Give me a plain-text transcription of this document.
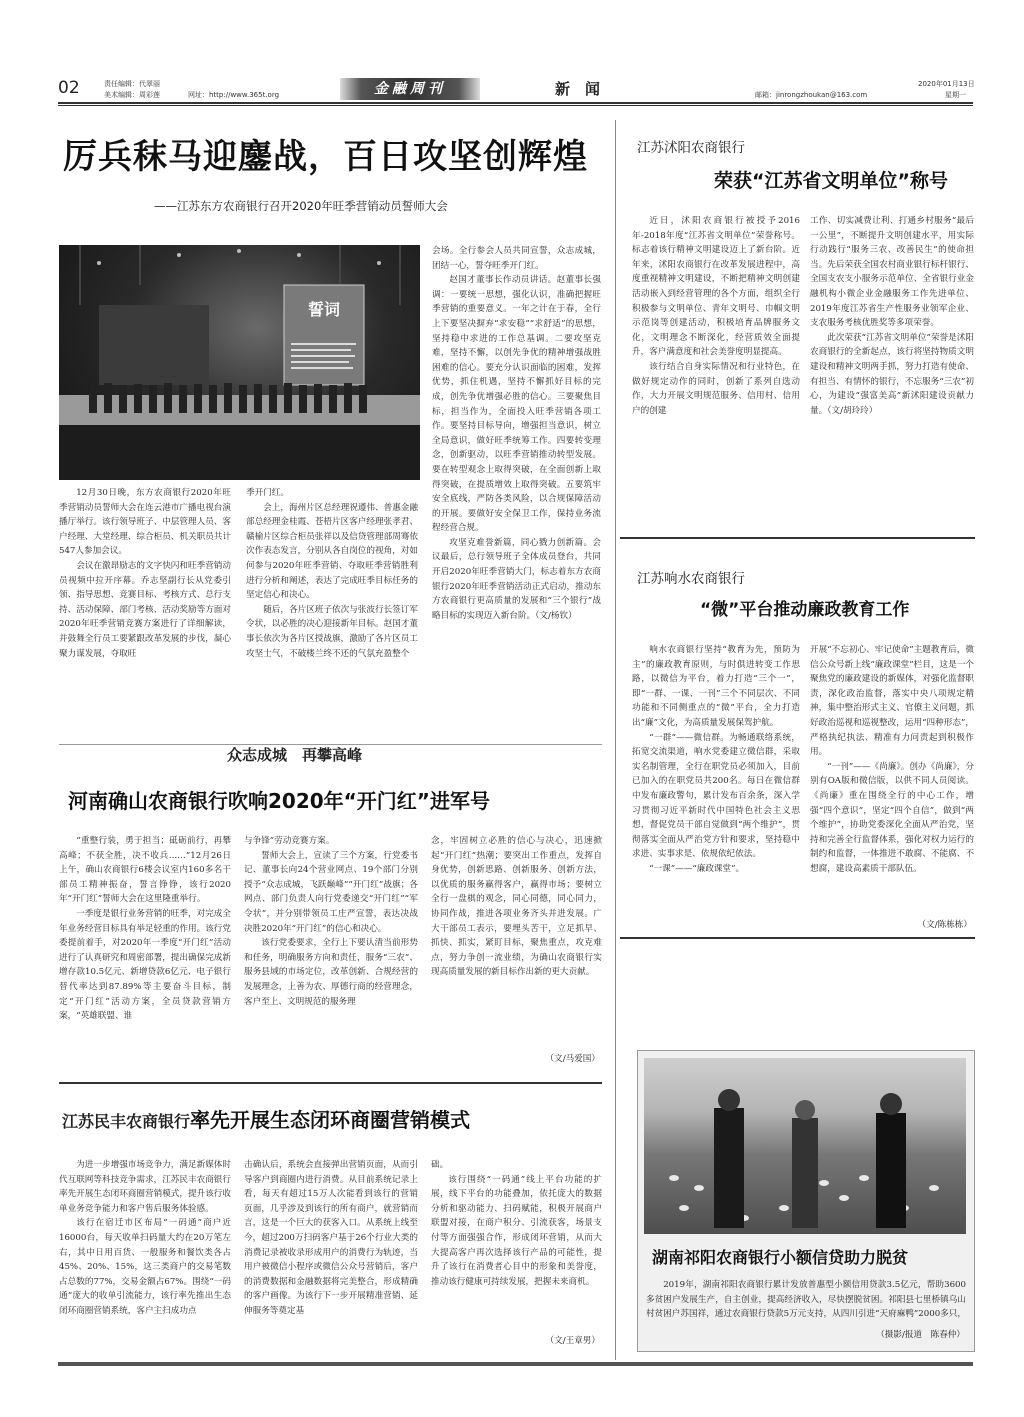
02	责任编辑：代翠丽
美术编辑：周彩莲	网址：http://www.365t.org	金融周刊	新　闻	邮箱：jinrongzhoukan@163.com
2020年01月13日
星期一
厉兵秣马迎鏖战，百日攻坚创辉煌
——江苏东方农商银行召开2020年旺季营销动员誓师大会
誓词

12月30日晚，东方农商银行2020年旺季营销动员誓师大会在连云港市广播电视台演播厅举行。该行领导班子、中层管理人员、客户经理、大堂经理、综合柜员、机关职员共计547人参加会议。

会议在激昂励志的文字快闪和旺季营销动员视频中拉开序幕。乔志坚副行长从党委引领、指导思想、竞赛目标、考核方式、总行支持、活动保障、部门考核、活动奖励等方面对2020年旺季营销竞赛方案进行了详细解读，并鼓舞全行员工要紧跟改革发展的步伐，凝心聚力谋发展，夺取旺

季开门红。

会上，海州片区总经理祝遵伟、普惠金融部总经理金桂霞、苍梧片区客户经理张孝君、赣榆片区综合柜员张祥以及信贷管理部周骞依次作表态发言，分别从各自岗位的视角，对如何参与2020年旺季营销、夺取旺季营销胜利进行分析和阐述，表达了完成旺季目标任务的坚定信心和决心。

随后，各片区班子依次与张波行长签订军令状，以必胜的决心迎接新年目标。赵国才董事长依次为各片区授战旗，激励了各片区员工攻坚士气，不破楼兰终不还的气氛充盈整个

会场。全行参会人员共同宣誓，众志成城，团结一心，誓夺旺季开门红。

赵国才董事长作动员讲话。赵董事长强调：一要统一思想，强化认识，准确把握旺季营销的重要意义。一年之计在于春，全行上下要坚决摒弃“求安稳”“求舒适”的思想，坚持稳中求进的工作总基调。二要攻坚克难，坚持不懈，以创先争优的精神增强战胜困难的信心。要充分认识面临的困难，发挥优势，抓住机遇，坚持不懈抓好目标的完成，创先争优增强必胜的信心。三要聚焦目标，担当作为，全面投入旺季营销各项工作。要坚持目标导向，增强担当意识，树立全局意识，做好旺季统筹工作。四要转变理念，创新驱动，以旺季营销推动转型发展。要在转型观念上取得突破，在全面创新上取得突破，在提质增效上取得突破。五要筑牢安全底线，严防各类风险，以合规保障活动的开展。要做好安全保卫工作，保持业务流程经营合规。

攻坚克难誉新篇，同心戮力创新篇。会议最后，总行领导班子全体成员登台，共同开启2020年旺季营销大门，标志着东方农商银行2020年旺季营销活动正式启动，推动东方农商银行更高质量的发展和“三个银行”战略目标的实现迈入新台阶。（文/杨钦）

江苏沭阳农商银行
荣获“江苏省文明单位”称号

近日，沭阳农商银行被授予2016年-2018年度“江苏省文明单位”荣誉称号。标志着该行精神文明建设迈上了新台阶。近年来，沭阳农商银行在改革发展进程中，高度重视精神文明建设，不断把精神文明创建活动嵌入到经营管理的各个方面，组织全行积极参与文明单位、青年文明号、巾帼文明示范岗等创建活动，积极培育品牌服务文化，文明理念不断深化，经营质效全面提升，客户满意度和社会美誉度明显提高。

该行结合自身实际情况和行业特色，在做好规定动作的同时，创新了系列自选动作，大力开展文明规范服务、信用村、信用户的创建

工作、切实减费让利、打通乡村服务“最后一公里”，不断提升文明创建水平，用实际行动践行“服务三农、改善民生”的使命担当。先后荣获全国农村商业银行标杆银行、全国支农支小服务示范单位、全省银行业金融机构小微企业金融服务工作先进单位、2019年度江苏省生产性服务业领军企业、支农服务考核优胜奖等多项荣誉。

此次荣获“江苏省文明单位”荣誉是沭阳农商银行的全新起点，该行将坚持物质文明建设和精神文明两手抓，努力打造有使命、有担当、有情怀的银行，不忘服务“三农”初心，为建设“强富美高”新沭阳建设贡献力量。（文/胡玲玲）

江苏响水农商银行
“微”平台推动廉政教育工作

响水农商银行坚持“教育为先，预防为主”的廉政教育原则，与时俱进转变工作思路，以微信为平台，着力打造“三个一”，即“一群、一课、一刊”三个不同层次、不同功能和不同侧重点的“微”平台，全力打造出“廉”文化，为高质量发展保驾护航。

“一群”——微信群。为畅通联络系统，拓宽交流渠道，响水党委建立微信群，采取实名制管理，全行在职党员必须加入，目前已加入的在职党员共200名。每日在微信群中发布廉政警句，累计发布百余条，深入学习贯彻习近平新时代中国特色社会主义思想，督促党员干部自觉做到“两个维护”，贯彻落实全面从严治党方针和要求，坚持稳中求进、实事求是、依规依纪依法。

“一课”——“廉政课堂”。

开展“不忘初心、牢记使命”主题教育后，微信公众号新上线“廉政课堂”栏目，这是一个聚焦党的廉政建设的新媒体，对强化监督职责，深化政治监督，落实中央八项规定精神，集中整治形式主义、官僚主义问题，抓好政治巡视和巡视整改，运用“四种形态”，严格执纪执法、精准有力问责起到积极作用。

“一刊”——《尚廉》。创办《尚廉》，分别有OA版和微信版，以供不同人员阅读。《尚廉》重在围绕全行的中心工作，增强“四个意识”，坚定“四个自信”，做到“两个维护”，协助党委深化全面从严治党，坚持和完善全行监督体系，强化对权力运行的制约和监督，一体推进不敢腐、不能腐、不想腐，建设高素质干部队伍。

（文/陈栋栋）
湖南祁阳农商银行小额信贷助力脱贫

2019年，湖南祁阳农商银行累计发放普惠型小额信用贷款3.5亿元，帮助3600多贫困户发展生产，自主创业，提高经济收入，尽快摆脱贫困。祁阳县七里桥镇乌山村贫困户苏国祥，通过农商银行贷款5万元支持，从四川引进“天府麻鸭”2000多只，

（摄影/报道　陈春仲）
众志成城　再攀高峰
河南确山农商银行吹响2020年“开门红”进军号

“重整行装，勇于担当；砥砺前行，再攀高峰；不获全胜，决不收兵……”12月26日上午，确山农商银行6楼会议室内160多名干部员工精神振奋，誓言铮铮，该行2020年“开门红”誓师大会在这里隆重举行。

一季度是银行业务营销的旺季，对完成全年业务经营目标具有举足轻重的作用。该行党委提前着手，对2020年一季度“开门红”活动进行了认真研究和周密部署，提出确保完成新增存款10.5亿元、新增贷款6亿元、电子银行替代率达到87.89%等主要奋斗目标，制定“开门红”活动方案，全员贷款营销方案，“英雄联盟、谁

与争锋”劳动竞赛方案。

誓师大会上，宣读了三个方案，行党委书记、董事长向24个营业网点、19个部门分别授予“众志成城，飞跃巅峰”“开门红”战旗；各网点、部门负责人向行党委递交“开门红”“军令状”，并分别带领员工庄严宣誓，表达决战决胜2020年“开门红”的信心和决心。

该行党委要求，全行上下要认清当前形势和任务，明确服务方向和责任，服务“三农”、服务县域的市场定位，改革创新、合规经营的发展理念，上善为农、厚德行商的经营理念，客户至上、文明规范的服务理

念，牢固树立必胜的信心与决心，迅速掀起“开门红”热潮；要突出工作重点，发挥自身优势，创新思路、创新服务、创新方法，以优质的服务赢得客户，赢得市场；要树立全行一盘棋的观念，同心同德，同心同力，协同作战，推进各项业务齐头并进发展。广大干部员工表示，要埋头苦干，立足抓早、抓快、抓实，紧盯目标，聚焦重点，攻克难点，努力争创一流业绩，为确山农商银行实现高质量发展的新目标作出新的更大贡献。

（文/马爱国）
江苏民丰农商银行率先开展生态闭环商圈营销模式

为进一步增强市场竞争力，满足新媒体时代互联网等科技竞争需求，江苏民丰农商银行率先开展生态闭环商圈营销模式，提升该行收单业务竞争能力和客户售后服务体验感。

该行在宿迁市区布局“一码通”商户近16000台，每天收单扫码量大约在20万笔左右，其中日用百货、一般服务和餐饮类各占45%、20%、15%，这三类商户的交易笔数占总数的77%，交易金额占67%。围绕“一码通”庞大的收单引流能力，该行率先推出生态闭环商圈营销系统，客户主扫成功点

击确认后，系统会直接弹出营销页面，从而引导客户到商圈内进行消费。从目前系统记录上看，每天有超过15万人次能看到该行的营销页面，几乎涉及到该行的所有商户，就营销而言，这是一个巨大的获客入口。从系统上线至今，超过200万扫码客户基于26个行业大类的消费记录被收录形成用户的消费行为轨迹，当用户被微信小程序或微信公众号营销后，客户的消费数据和金融数据将完美整合，形成精确的客户画像。为该行下一步开展精准营销、延伸服务等奠定基

础。

该行围绕“一码通”线上平台功能的扩展，线下平台的功能叠加，依托庞大的数据分析和驱动能力、扫码赋能，积极开展商户联盟对接，在商户积分、引流获客，场景支付等方面强强合作，形成闭环营销，从而大大提高客户再次选择该行产品的可能性，提升了该行在消费者心目中的形象和美誉度，推动该行健康可持续发展，把握未来商机。

（文/王章男）
